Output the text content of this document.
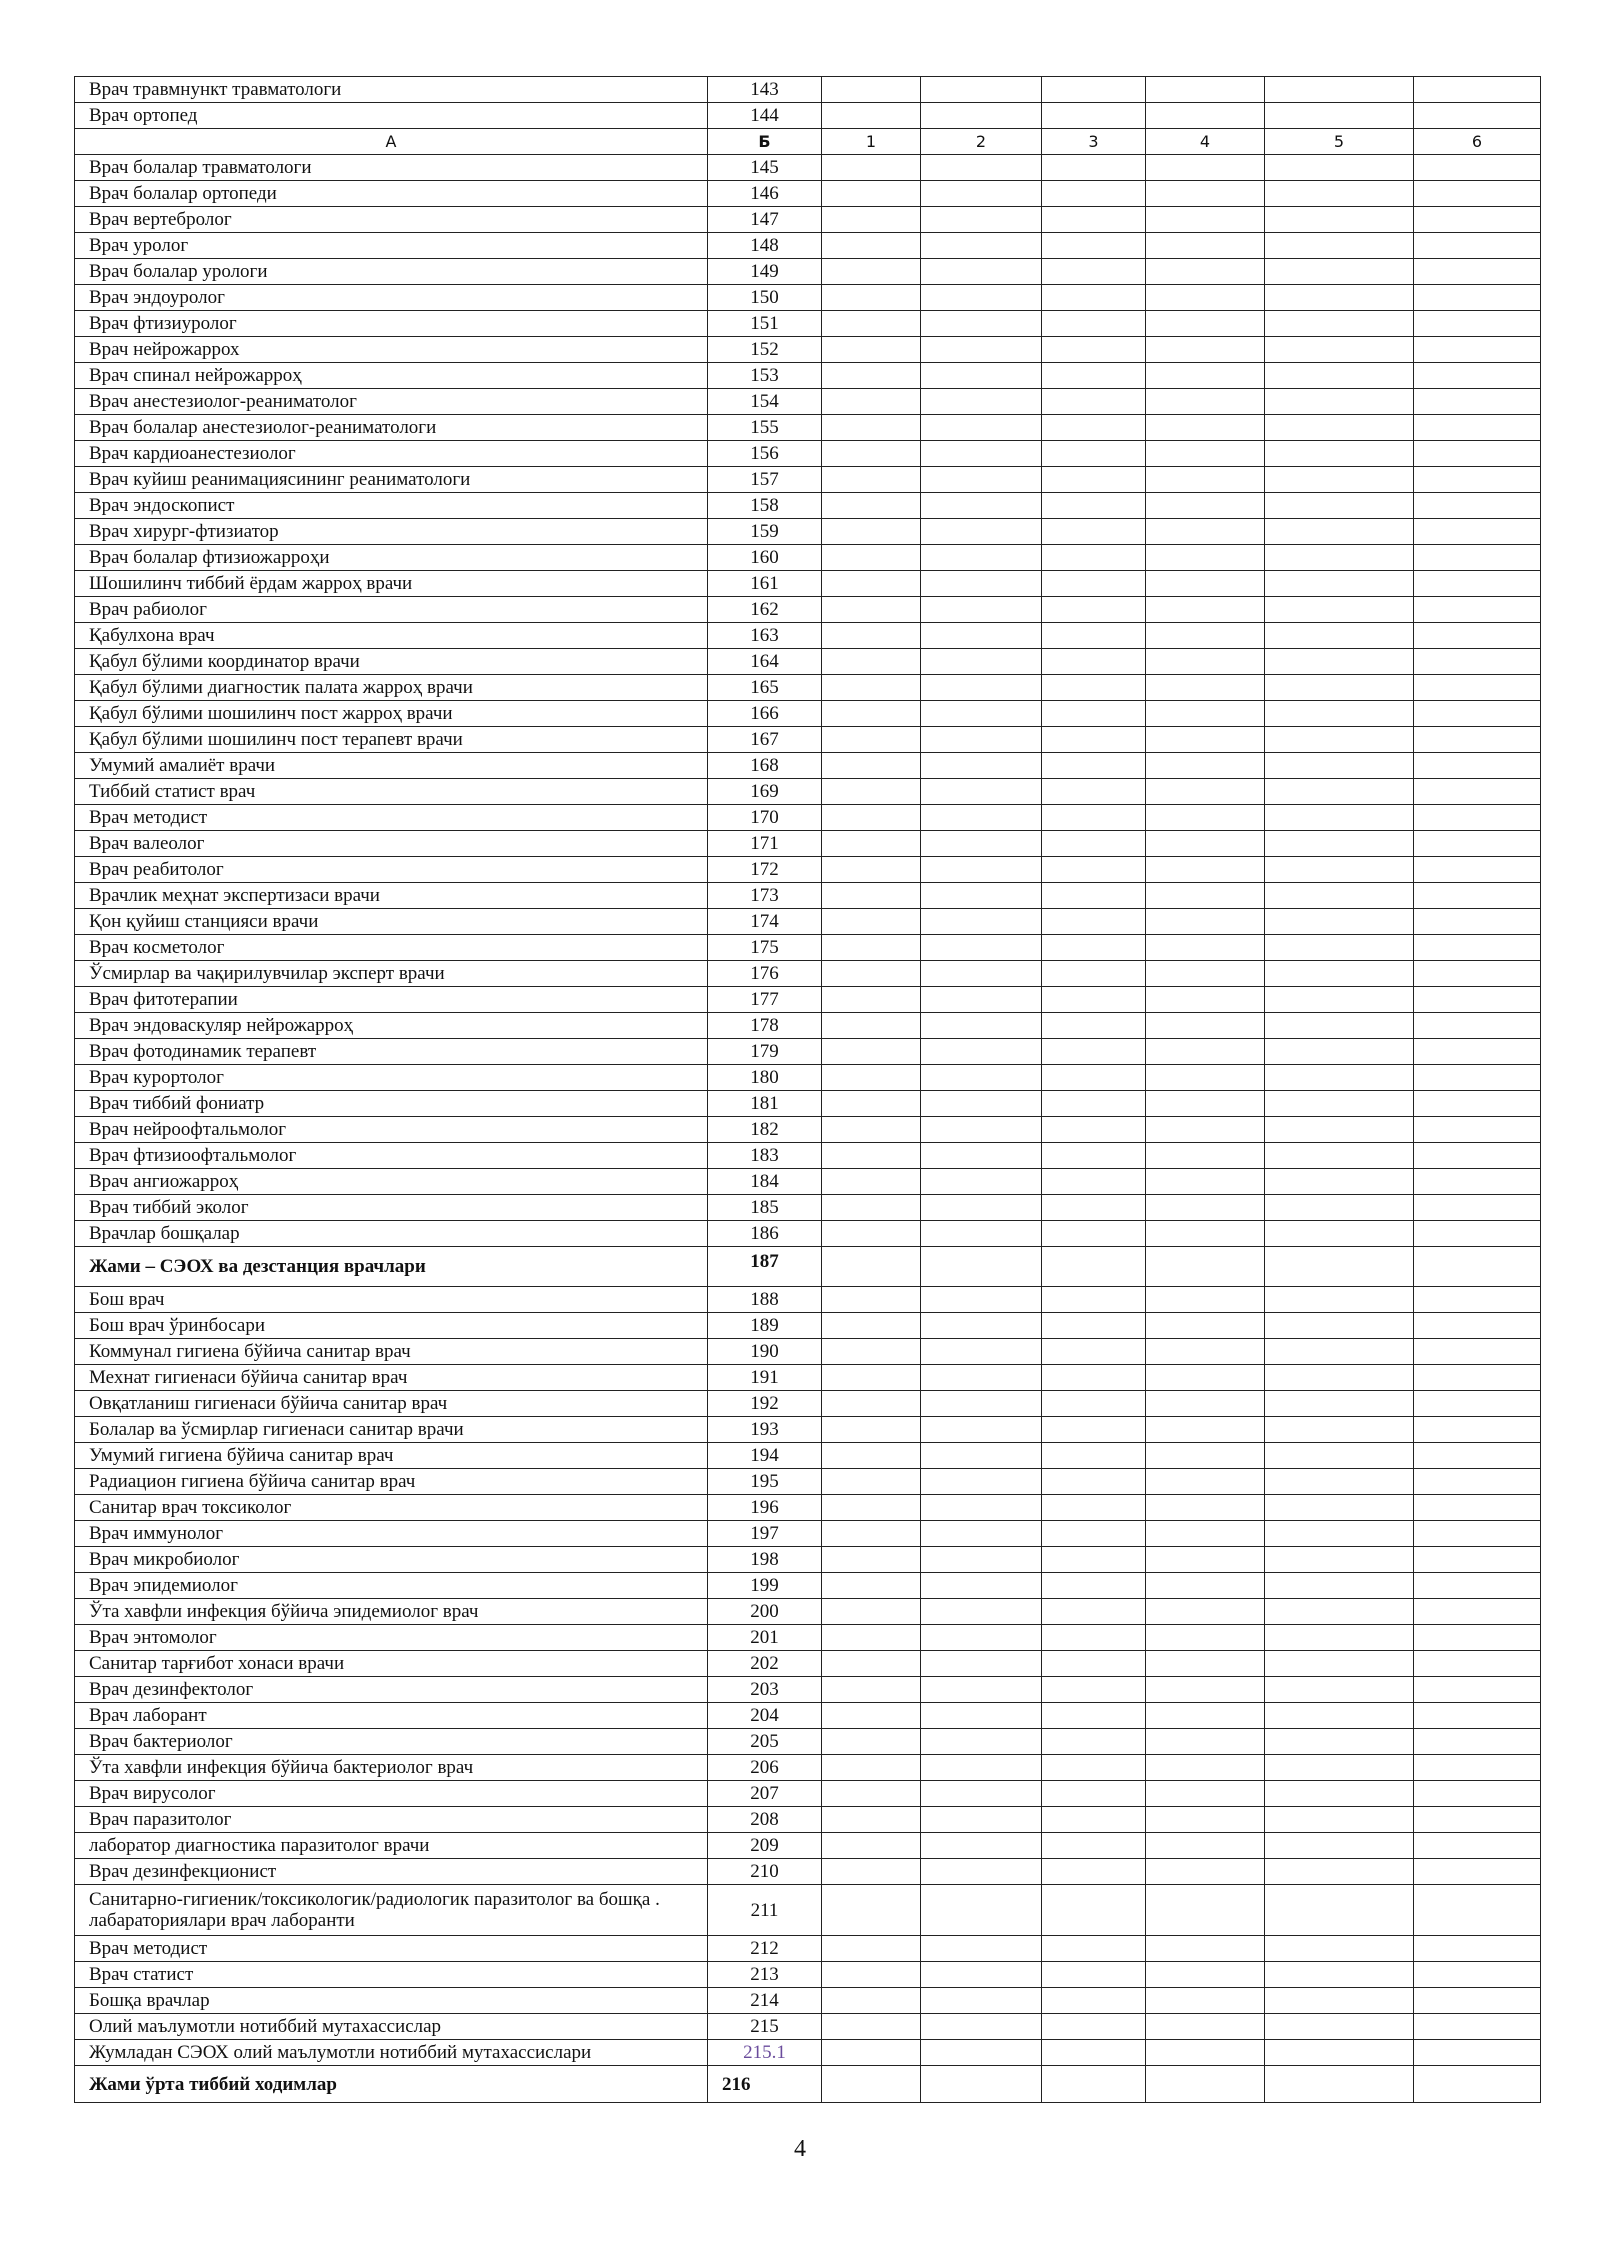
Врач травмнункт травматологи	143						
Врач ортопед	144						
А	Б	1	2	3	4	5	6
Врач болалар травматологи	145						
Врач болалар ортопеди	146						
Врач вертебролог	147						
Врач уролог	148						
Врач болалар урологи	149						
Врач эндоуролог	150						
Врач фтизиуролог	151						
Врач нейрожаррох	152						
Врач спинал нейрожарроҳ	153						
Врач анестезиолог-реаниматолог	154						
Врач болалар анестезиолог-реаниматологи	155						
Врач кардиоанестезиолог	156						
Врач куйиш реанимациясининг реаниматологи	157						
Врач эндоскопист	158						
Врач хирург-фтизиатор	159						
Врач болалар фтизиожарроҳи	160						
Шошилинч тиббий ёрдам жарроҳ врачи	161						
Врач рабиолог	162						
Қабулхона врач	163						
Қабул бўлими координатор врачи	164						
Қабул бўлими диагностик палата жарроҳ врачи	165						
Қабул бўлими шошилинч пост жарроҳ врачи	166						
Қабул бўлими шошилинч пост терапевт врачи	167						
Умумий амалиёт врачи	168						
Тиббий статист врач	169						
Врач методист	170						
Врач валеолог	171						
Врач реабитолог	172						
Врачлик меҳнат экспертизаси врачи	173						
Қон қуйиш станцияси врачи	174						
Врач косметолог	175						
Ўсмирлар ва чақирилувчилар эксперт врачи	176						
Врач фитотерапии	177						
Врач эндоваскуляр нейрожарроҳ	178						
Врач фотодинамик терапевт	179						
Врач курортолог	180						
Врач тиббий фониатр	181						
Врач нейроофтальмолог	182						
Врач фтизиоофтальмолог	183						
Врач ангиожарроҳ	184						
Врач тиббий эколог	185						
Врачлар бошқалар	186						
Жами – СЭОХ ва дезстанция врачлари	187						
Бош врач	188						
Бош врач ўринбосари	189						
Коммунал гигиена бўйича санитар врач	190						
Мехнат гигиенаси бўйича санитар врач	191						
Овқатланиш гигиенаси бўйича санитар врач	192						
Болалар ва ўсмирлар гигиенаси санитар врачи	193						
Умумий гигиена бўйича санитар врач	194						
Радиацион гигиена бўйича санитар врач	195						
Санитар врач токсиколог	196						
Врач иммунолог	197						
Врач микробиолог	198						
Врач эпидемиолог	199						
Ўта хавфли инфекция бўйича эпидемиолог врач	200						
Врач энтомолог	201						
Санитар тарғибот хонаси врачи	202						
Врач дезинфектолог	203						
Врач лаборант	204						
Врач бактериолог	205						
Ўта хавфли инфекция бўйича бактериолог врач	206						
Врач вирусолог	207						
Врач паразитолог	208						
лаборатор диагностика паразитолог врачи	209						
Врач дезинфекционист	210						
Санитарно-гигиеник/токсикологик/радиологик паразитолог ва бошқа . лабараториялари врач лаборанти	211						
Врач методист	212						
Врач статист	213						
Бошқа врачлар	214						
Олий маълумотли нотиббий мутахассислар	215						
Жумладан СЭОХ олий маълумотли нотиббий мутахассислари	215.1						
Жами ўрта тиббий ходимлар	216						
4
